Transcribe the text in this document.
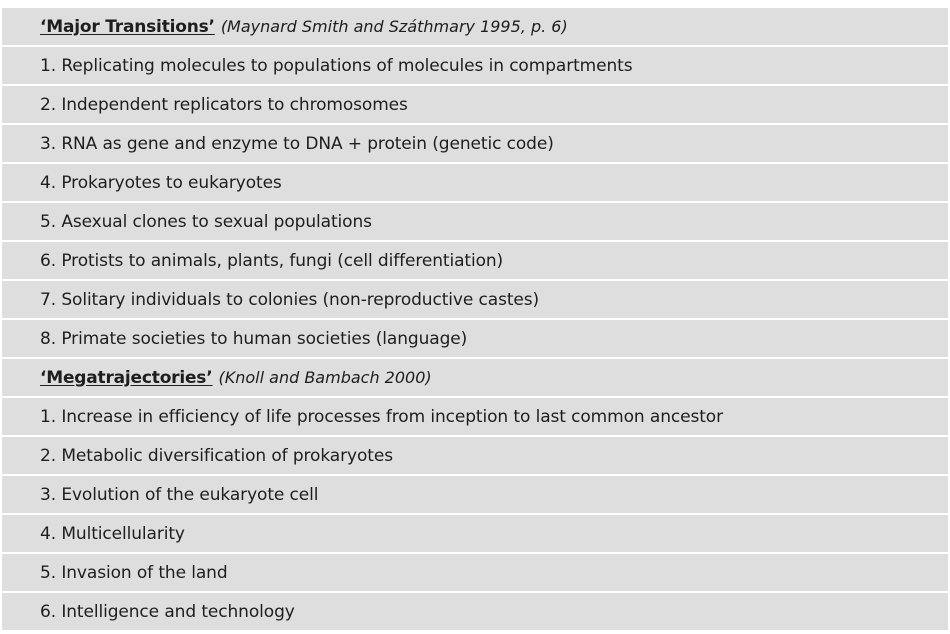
‘Major Transitions’ (Maynard Smith and Száthmary 1995, p. 6)
1. Replicating molecules to populations of molecules in compartments
2. Independent replicators to chromosomes
3. RNA as gene and enzyme to DNA + protein (genetic code)
4. Prokaryotes to eukaryotes
5. Asexual clones to sexual populations
6. Protists to animals, plants, fungi (cell differentiation)
7. Solitary individuals to colonies (non-reproductive castes)
8. Primate societies to human societies (language)
‘Megatrajectories’ (Knoll and Bambach 2000)
1. Increase in efficiency of life processes from inception to last common ancestor
2. Metabolic diversification of prokaryotes
3. Evolution of the eukaryote cell
4. Multicellularity
5. Invasion of the land
6. Intelligence and technology
